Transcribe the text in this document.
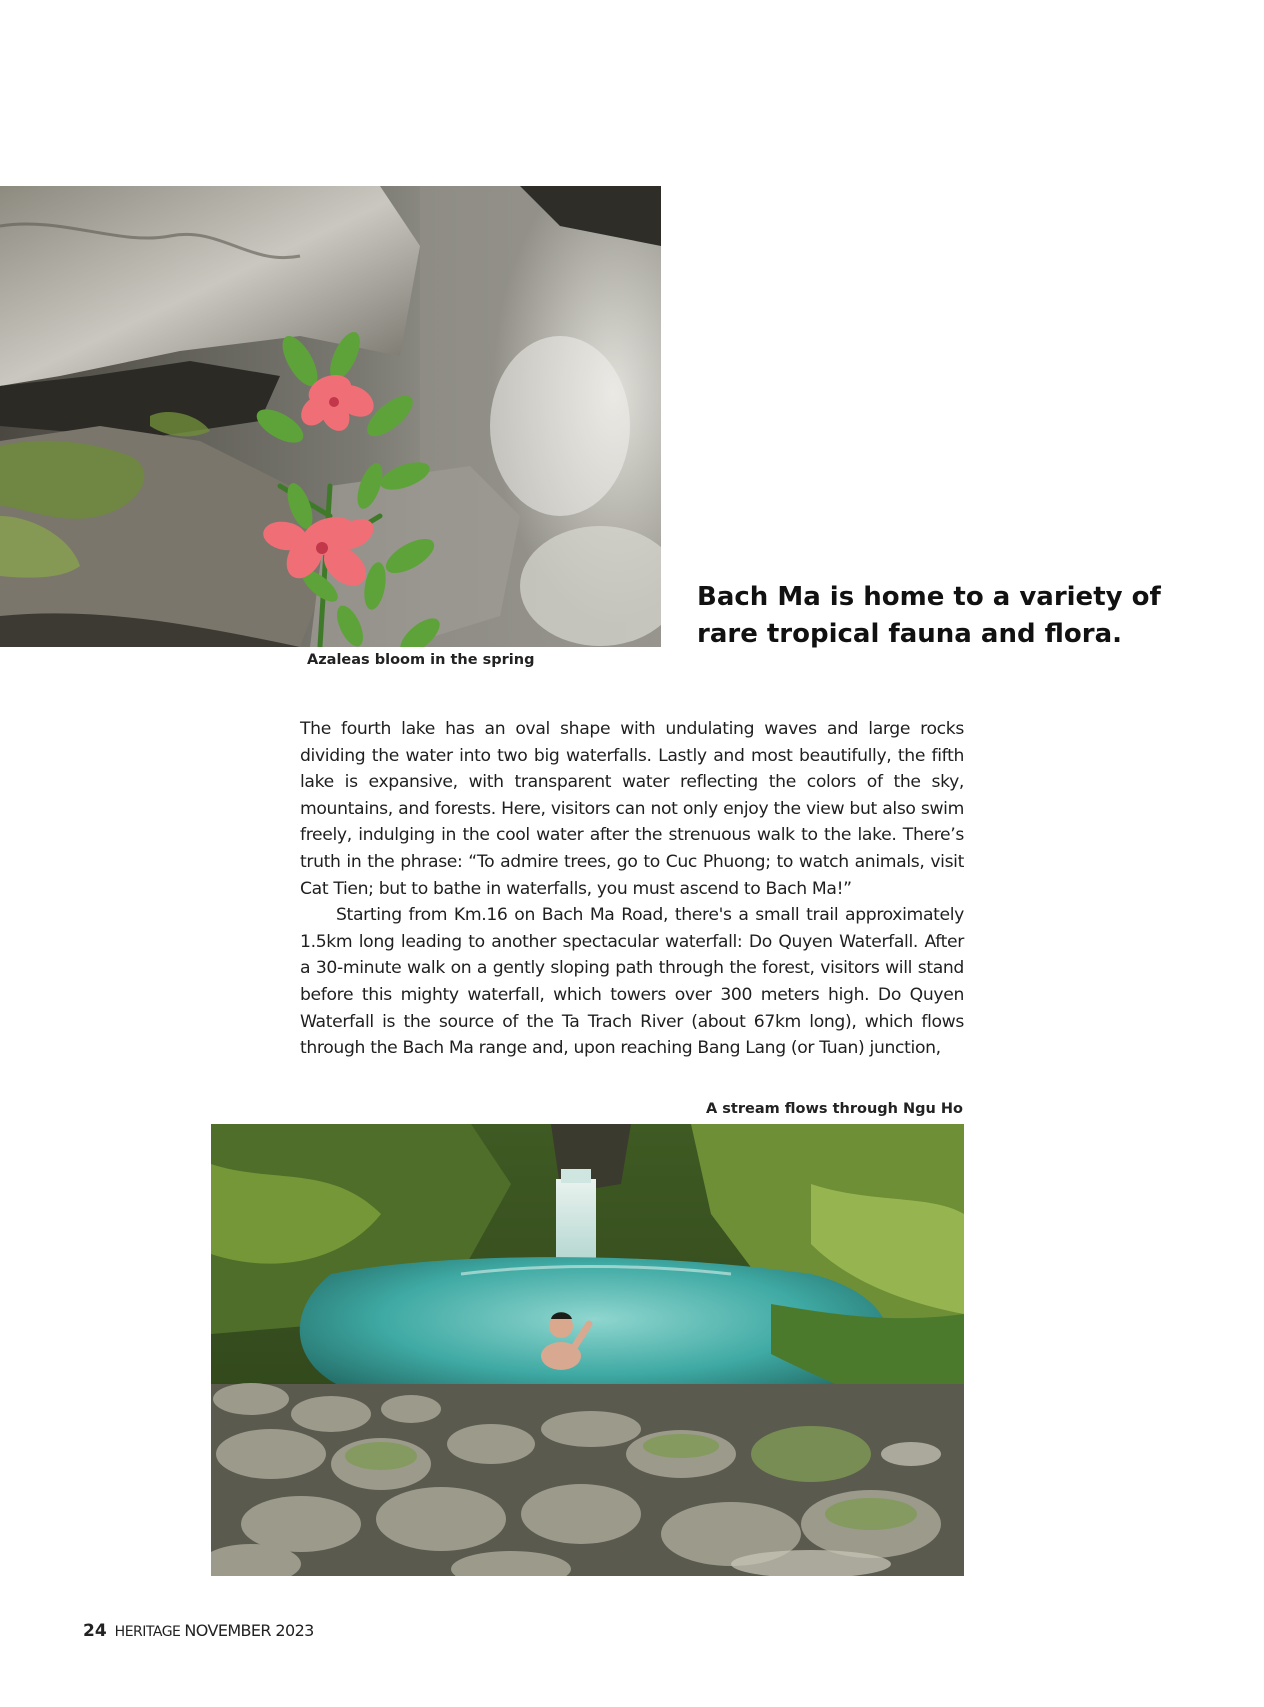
Azaleas bloom in the spring

Bach Ma is home to a variety of rare tropical fauna and flora.

The fourth lake has an oval shape with undulating waves and large rocks dividing the water into two big waterfalls. Lastly and most beautifully, the fifth lake is expansive, with transparent water reflecting the colors of the sky, mountains, and forests. Here, visitors can not only enjoy the view but also swim freely, indulging in the cool water after the strenuous walk to the lake. There’s truth in the phrase: “To admire trees, go to Cuc Phuong; to watch animals, visit Cat Tien; but to bathe in waterfalls, you must ascend to Bach Ma!”

Starting from Km.16 on Bach Ma Road, there's a small trail approximately 1.5km long leading to another spectacular waterfall: Do Quyen Waterfall. After a 30-minute walk on a gently sloping path through the forest, visitors will stand before this mighty waterfall, which towers over 300 meters high. Do Quyen Waterfall is the source of the Ta Trach River (about 67km long), which flows through the Bach Ma range and, upon reaching Bang Lang (or Tuan) junction,

A stream flows through Ngu Ho
24 HERITAGE NOVEMBER 2023
